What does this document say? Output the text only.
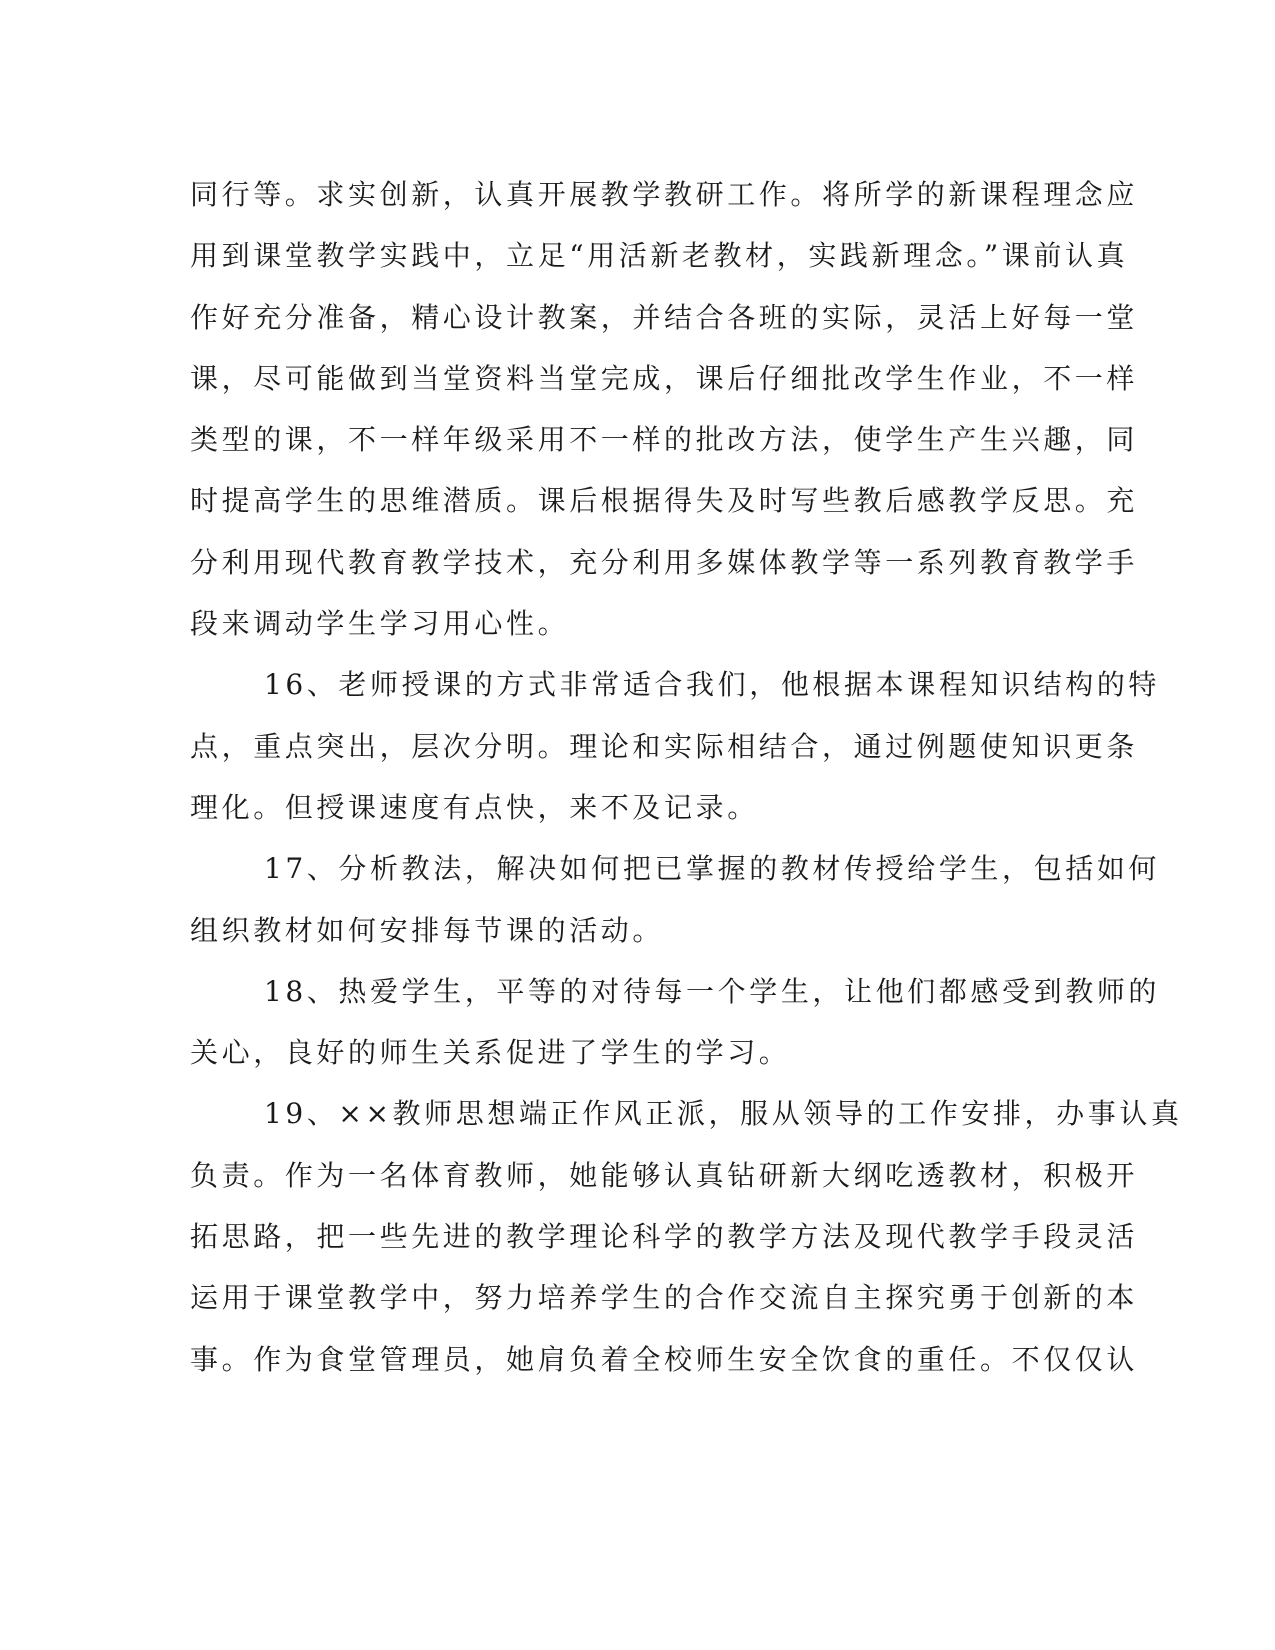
同行等。求实创新，认真开展教学教研工作。将所学的新课程理念应
用到课堂教学实践中，立足“用活新老教材，实践新理念。”课前认真
作好充分准备，精心设计教案，并结合各班的实际，灵活上好每一堂
课，尽可能做到当堂资料当堂完成，课后仔细批改学生作业，不一样
类型的课，不一样年级采用不一样的批改方法，使学生产生兴趣，同
时提高学生的思维潜质。课后根据得失及时写些教后感教学反思。充
分利用现代教育教学技术，充分利用多媒体教学等一系列教育教学手
段来调动学生学习用心性。
16、老师授课的方式非常适合我们，他根据本课程知识结构的特
点，重点突出，层次分明。理论和实际相结合，通过例题使知识更条
理化。但授课速度有点快，来不及记录。
17、分析教法，解决如何把已掌握的教材传授给学生，包括如何
组织教材如何安排每节课的活动。
18、热爱学生，平等的对待每一个学生，让他们都感受到教师的
关心，良好的师生关系促进了学生的学习。
19、××教师思想端正作风正派，服从领导的工作安排，办事认真
负责。作为一名体育教师，她能够认真钻研新大纲吃透教材，积极开
拓思路，把一些先进的教学理论科学的教学方法及现代教学手段灵活
运用于课堂教学中，努力培养学生的合作交流自主探究勇于创新的本
事。作为食堂管理员，她肩负着全校师生安全饮食的重任。不仅仅认
